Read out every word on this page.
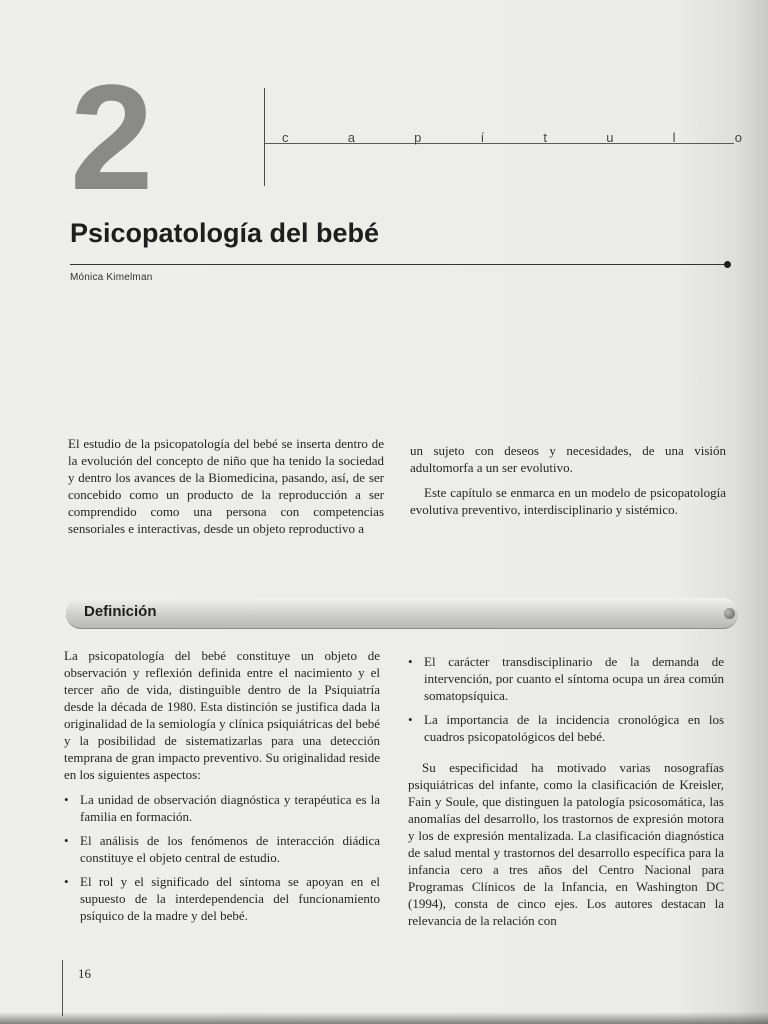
2	c	a	p	í	t	u	l	o
Psicopatología del bebé
Mónica Kimelman

El estudio de la psicopatología del bebé se inserta dentro de la evolución del concepto de niño que ha tenido la sociedad y dentro los avances de la Biomedicina, pasando, así, de ser concebido como un producto de la reproducción a ser comprendido como una persona con competencias sensoriales e interactivas, desde un objeto reproductivo a

un sujeto con deseos y necesidades, de una visión adultomorfa a un ser evolutivo.

Este capítulo se enmarca en un modelo de psicopatología evolutiva preventivo, interdisciplinario y sistémico.

Definición

La psicopatología del bebé constituye un objeto de observación y reflexión definida entre el nacimiento y el tercer año de vida, distinguible dentro de la Psiquiatría desde la década de 1980. Esta distinción se justifica dada la originalidad de la semiología y clínica psiquiátricas del bebé y la posibilidad de sistematizarlas para una detección temprana de gran impacto preventivo. Su originalidad reside en los siguientes aspectos:

• La unidad de observación diagnóstica y terapéutica es la familia en formación.
• El análisis de los fenómenos de interacción diádica constituye el objeto central de estudio.
• El rol y el significado del síntoma se apoyan en el supuesto de la interdependencia del funcionamiento psíquico de la madre y del bebé.
• El carácter transdisciplinario de la demanda de intervención, por cuanto el síntoma ocupa un área común somatopsíquica.
• La importancia de la incidencia cronológica en los cuadros psicopatológicos del bebé.

Su especificidad ha motivado varias nosografías psiquiátricas del infante, como la clasificación de Kreisler, Fain y Soule, que distinguen la patología psicosomática, las anomalías del desarrollo, los trastornos de expresión motora y los de expresión mentalizada. La clasificación diagnóstica de salud mental y trastornos del desarrollo específica para la infancia cero a tres años del Centro Nacional para Programas Clínicos de la Infancia, en Washington DC (1994), consta de cinco ejes. Los autores destacan la relevancia de la relación con

16
